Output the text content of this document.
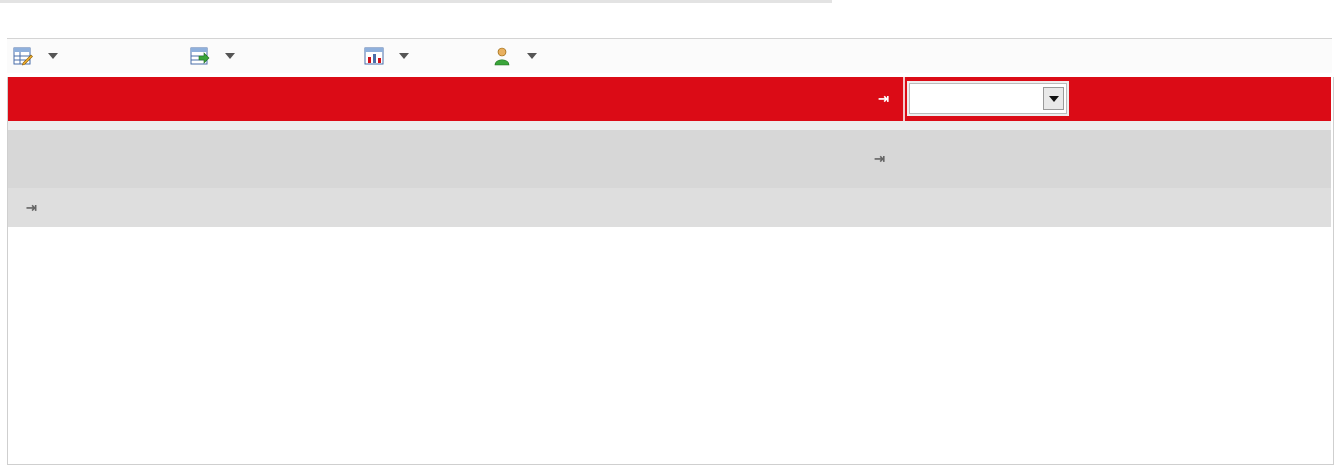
⇥
⇥
⇥
